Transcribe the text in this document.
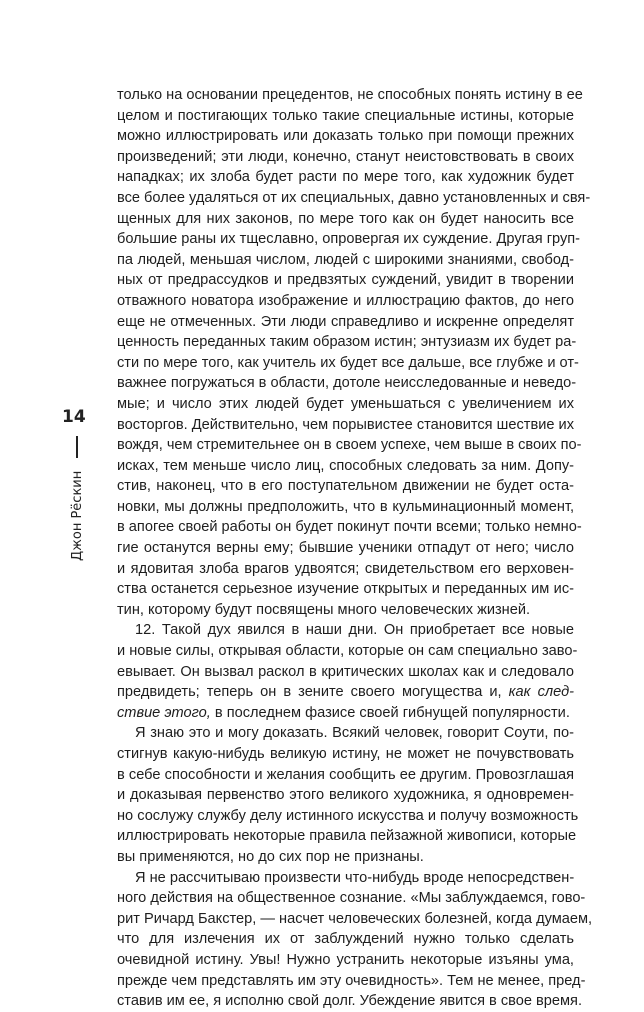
14
Джон Рёскин

только на основании прецедентов, не способных понять истину в ее
целом и постигающих только такие специальные истины, которые
можно иллюстрировать или доказать только при помощи прежних
произведений; эти люди, конечно, станут неистовствовать в своих
нападках; их злоба будет расти по мере того, как художник будет
все более удаляться от их специальных, давно установленных и свя-
щенных для них законов, по мере того как он будет наносить все
большие раны их тщеславно, опровергая их суждение. Другая груп-
па людей, меньшая числом, людей с широкими знаниями, свобод-
ных от предрассудков и предвзятых суждений, увидит в творении
отважного новатора изображение и иллюстрацию фактов, до него
еще не отмеченных. Эти люди справедливо и искренне определят
ценность переданных таким образом истин; энтузиазм их будет ра-
сти по мере того, как учитель их будет все дальше, все глубже и от-
важнее погружаться в области, дотоле неисследованные и неведо-
мые; и число этих людей будет уменьшаться с увеличением их
восторгов. Действительно, чем порывистее становится шествие их
вождя, чем стремительнее он в своем успехе, чем выше в своих по-
исках, тем меньше число лиц, способных следовать за ним. Допу-
стив, наконец, что в его поступательном движении не будет оста-
новки, мы должны предположить, что в кульминационный момент,
в апогее своей работы он будет покинут почти всеми; только немно-
гие останутся верны ему; бывшие ученики отпадут от него; число
и ядовитая злоба врагов удвоятся; свидетельством его верховен-
ства останется серьезное изучение открытых и переданных им ис-
тин, которому будут посвящены много человеческих жизней.

12. Такой дух явился в наши дни. Он приобретает все новые
и новые силы, открывая области, которые он сам специально заво-
евывает. Он вызвал раскол в критических школах как и следовало
предвидеть; теперь он в зените своего могущества и, как след-
ствие этого, в последнем фазисе своей гибнущей популярности.

Я знаю это и могу доказать. Всякий человек, говорит Соути, по-
стигнув какую-нибудь великую истину, не может не почувствовать
в себе способности и желания сообщить ее другим. Провозглашая
и доказывая первенство этого великого художника, я одновремен-
но сослужу службу делу истинного искусства и получу возможность
иллюстрировать некоторые правила пейзажной живописи, которые
вы применяются, но до сих пор не признаны.

Я не рассчитываю произвести что-нибудь вроде непосредствен-
ного действия на общественное сознание. «Мы заблуждаемся, гово-
рит Ричард Бакстер, — насчет человеческих болезней, когда думаем,
что для излечения их от заблуждений нужно только сделать
очевидной истину. Увы! Нужно устранить некоторые изъяны ума,
прежде чем представлять им эту очевидность». Тем не менее, пред-
ставив им ее, я исполню свой долг. Убеждение явится в свое время.
